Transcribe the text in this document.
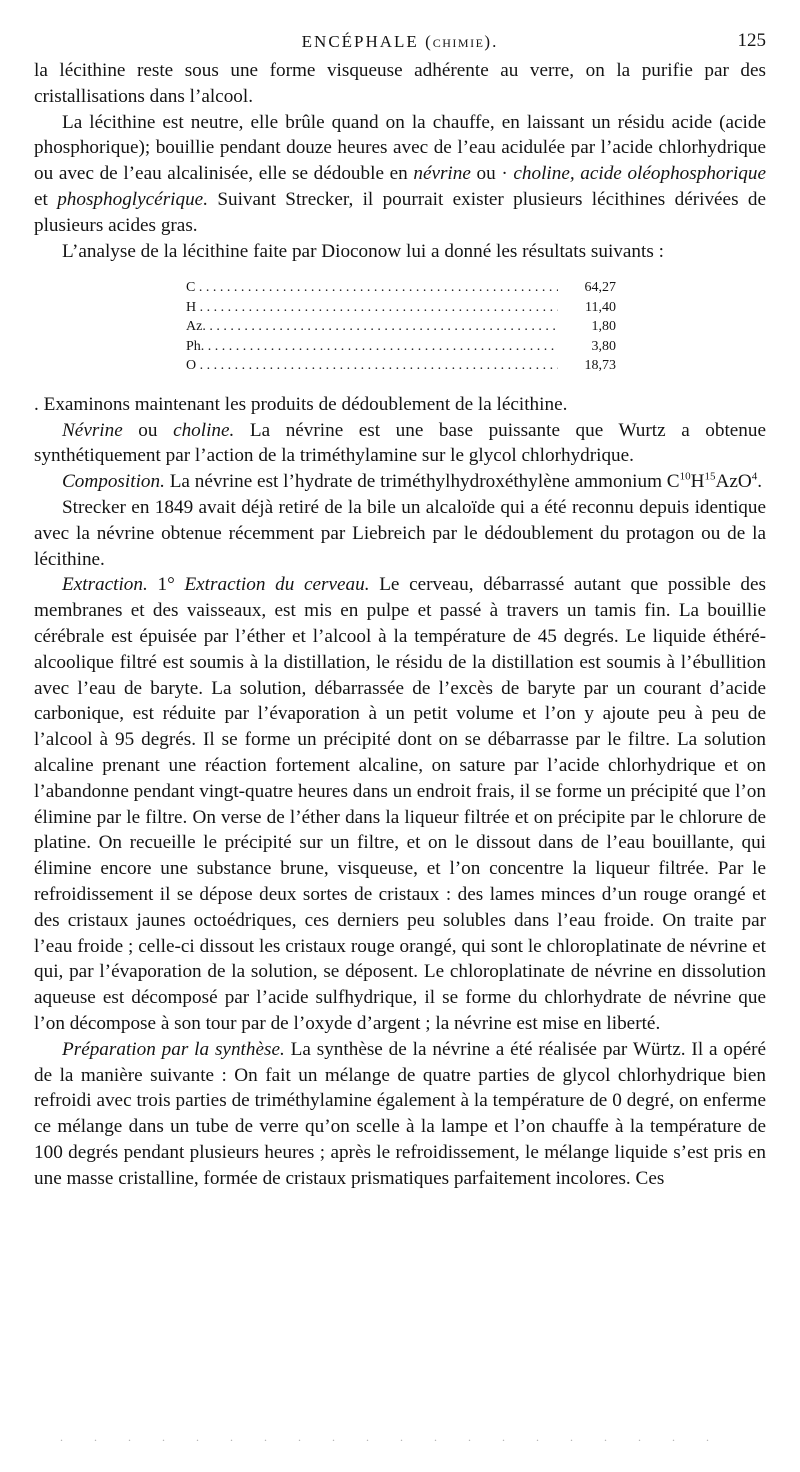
ENCÉPHALE (CHIMIE).	125

la lécithine reste sous une forme visqueuse adhérente au verre, on la purifie par des cristallisations dans l’alcool.

La lécithine est neutre, elle brûle quand on la chauffe, en laissant un résidu acide (acide phosphorique); bouillie pendant douze heures avec de l’eau acidulée par l’acide chlorhydrique ou avec de l’eau alcalinisée, elle se dédouble en névrine ou · choline, acide oléophosphorique et phosphoglycérique. Suivant Strecker, il pourrait exister plusieurs lécithines dérivées de plusieurs acides gras.

L’analyse de la lécithine faite par Dioconow lui a donné les résultats suivants :

C . . .	64,27
H . . .	11,40
Az. . . .	1,80
Ph. . . .	3,80
O . . .	18,73

. Examinons maintenant les produits de dédoublement de la lécithine.

Névrine ou choline. La névrine est une base puissante que Wurtz a obtenue synthétiquement par l’action de la triméthylamine sur le glycol chlorhydrique.

Composition. La névrine est l’hydrate de triméthylhydroxéthylène ammonium $C^{10}H^{15}AzO^4$.

Strecker en 1849 avait déjà retiré de la bile un alcaloïde qui a été reconnu depuis identique avec la névrine obtenue récemment par Liebreich par le dédoublement du protagon ou de la lécithine.

Extraction. 1° Extraction du cerveau. Le cerveau, débarrassé autant que possible des membranes et des vaisseaux, est mis en pulpe et passé à travers un tamis fin. La bouillie cérébrale est épuisée par l’éther et l’alcool à la température de 45 degrés. Le liquide éthéré-alcoolique filtré est soumis à la distillation, le résidu de la distillation est soumis à l’ébullition avec l’eau de baryte. La solution, débarrassée de l’excès de baryte par un courant d’acide carbonique, est réduite par l’évaporation à un petit volume et l’on y ajoute peu à peu de l’alcool à 95 degrés. Il se forme un précipité dont on se débarrasse par le filtre. La solution alcaline prenant une réaction fortement alcaline, on sature par l’acide chlorhydrique et on l’abandonne pendant vingt-quatre heures dans un endroit frais, il se forme un précipité que l’on élimine par le filtre. On verse de l’éther dans la liqueur filtrée et on précipite par le chlorure de platine. On recueille le précipité sur un filtre, et on le dissout dans de l’eau bouillante, qui élimine encore une substance brune, visqueuse, et l’on concentre la liqueur filtrée. Par le refroidissement il se dépose deux sortes de cristaux : des lames minces d’un rouge orangé et des cristaux jaunes octoédriques, ces derniers peu solubles dans l’eau froide. On traite par l’eau froide ; celle-ci dissout les cristaux rouge orangé, qui sont le chloroplatinate de névrine et qui, par l’évaporation de la solution, se déposent. Le chloroplatinate de névrine en dissolution aqueuse est décomposé par l’acide sulfhydrique, il se forme du chlorhydrate de névrine que l’on décompose à son tour par de l’oxyde d’argent ; la névrine est mise en liberté.

Préparation par la synthèse. La synthèse de la névrine a été réalisée par Würtz. Il a opéré de la manière suivante : On fait un mélange de quatre parties de glycol chlorhydrique bien refroidi avec trois parties de triméthylamine également à la température de 0 degré, on enferme ce mélange dans un tube de verre qu’on scelle à la lampe et l’on chauffe à la température de 100 degrés pendant plusieurs heures ; après le refroidissement, le mélange liquide s’est pris en une masse cristalline, formée de cristaux prismatiques parfaitement incolores. Ces

. . . . . . . . . . . . . . . . . . . .
